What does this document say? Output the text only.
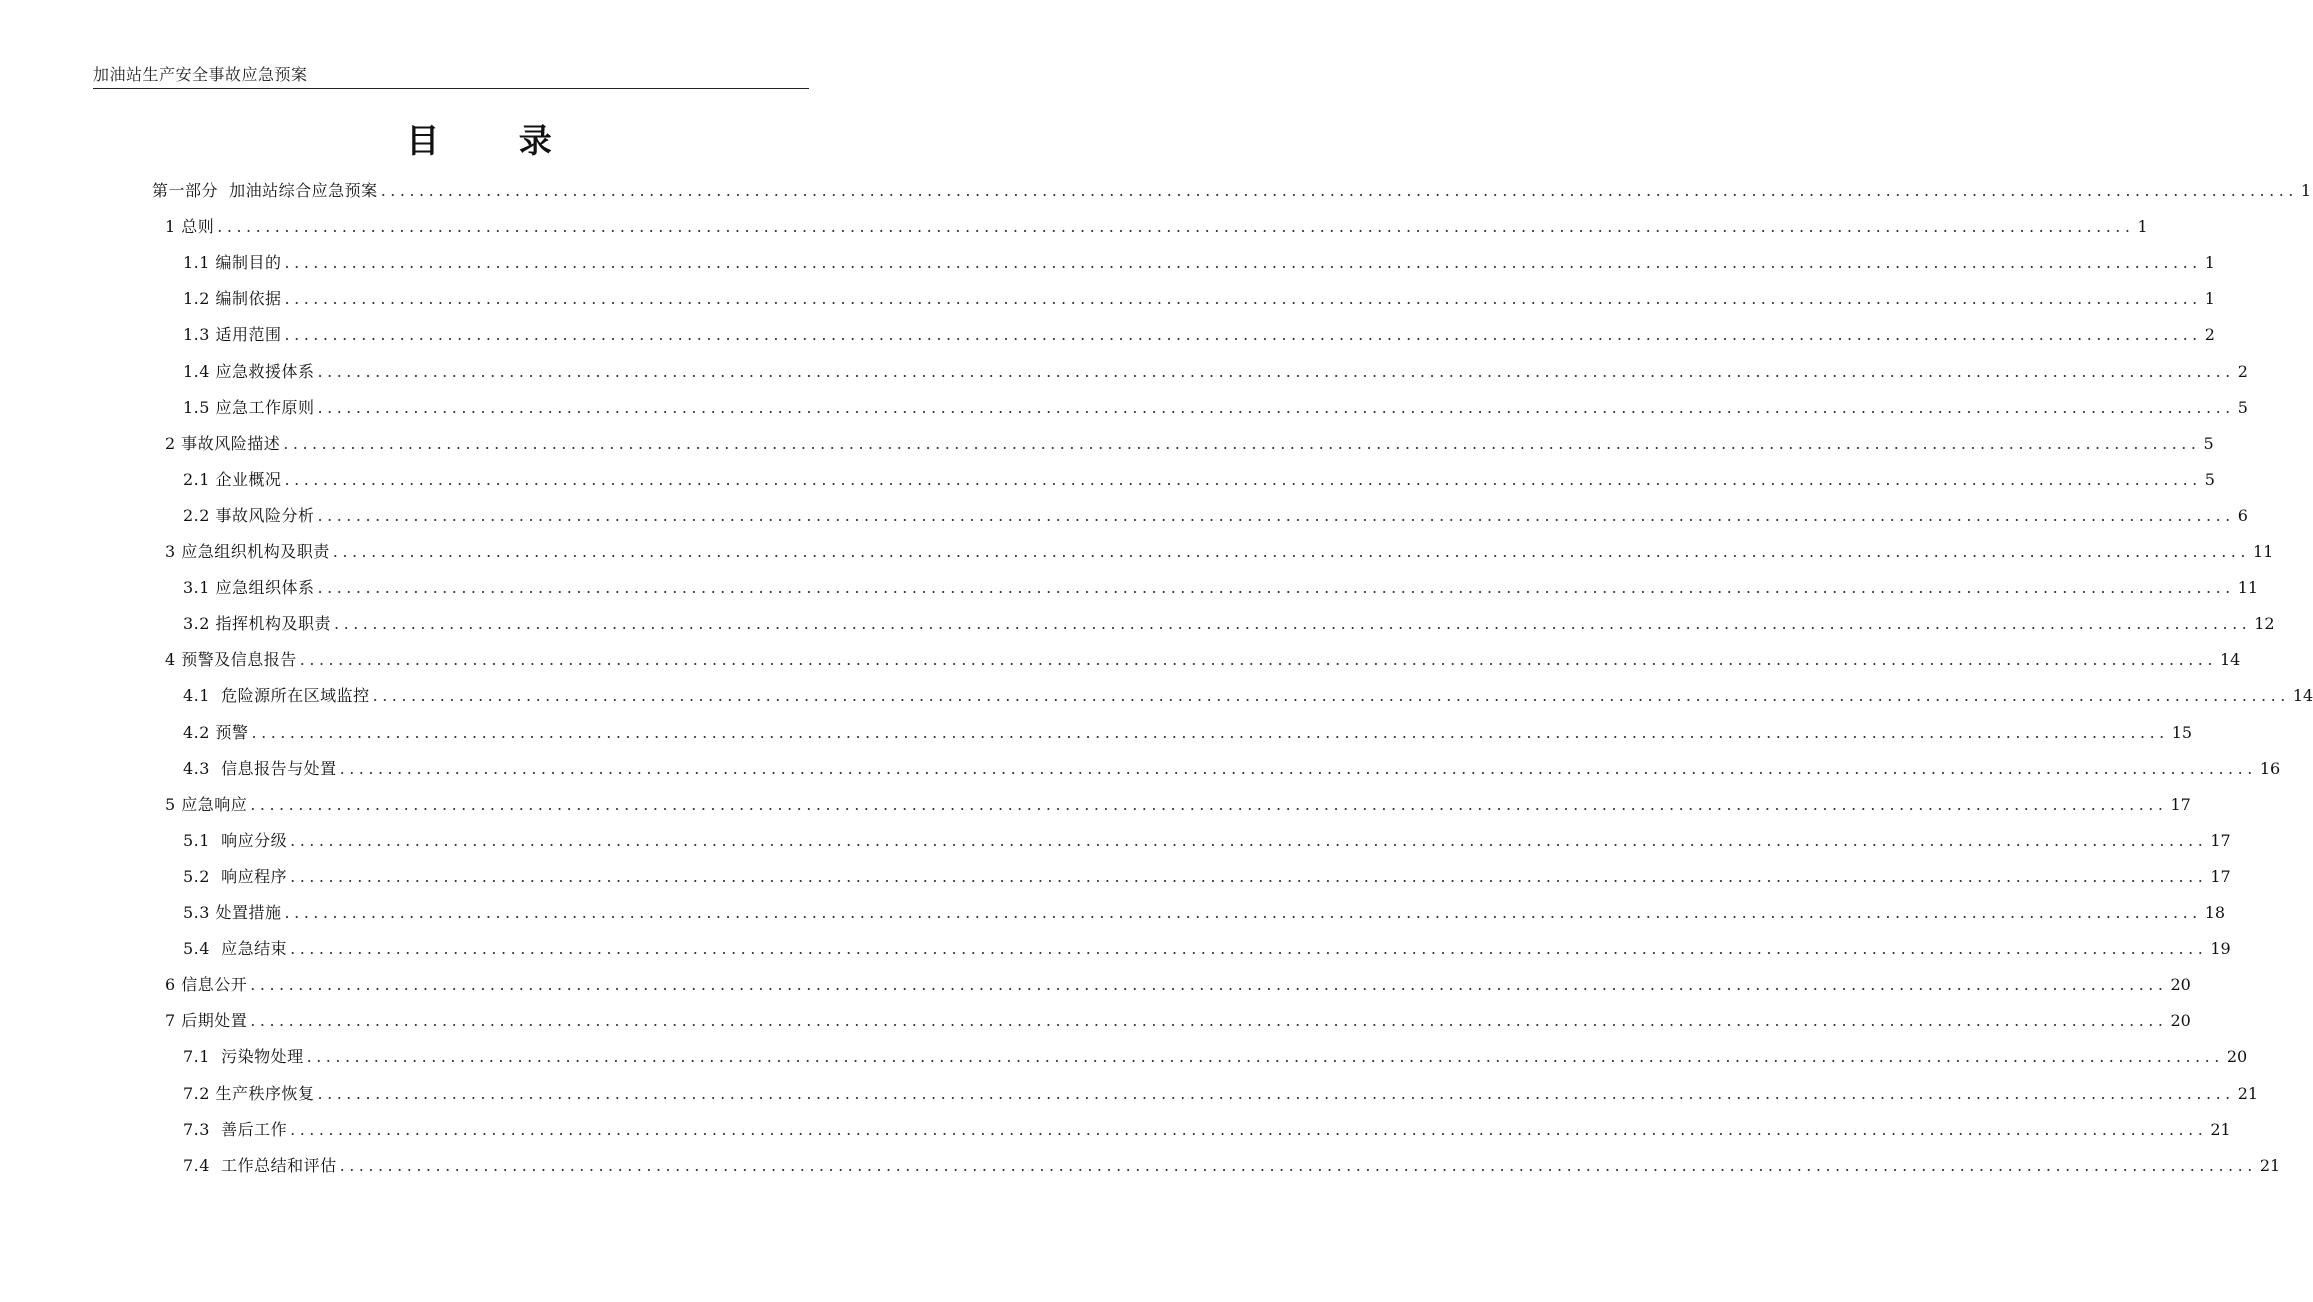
加油站生产安全事故应急预案
目 录
第一部分  加油站综合应急预案 ........................................................................................................................................................................................................ 1
1 总则 ........................................................................................................................................................................................................ 1
1.1 编制目的 ........................................................................................................................................................................................................ 1
1.2 编制依据 ........................................................................................................................................................................................................ 1
1.3 适用范围 ........................................................................................................................................................................................................ 2
1.4 应急救援体系 ........................................................................................................................................................................................................ 2
1.5 应急工作原则 ........................................................................................................................................................................................................ 5
2 事故风险描述 ........................................................................................................................................................................................................ 5
2.1 企业概况 ........................................................................................................................................................................................................ 5
2.2 事故风险分析 ........................................................................................................................................................................................................ 6
3 应急组织机构及职责 ........................................................................................................................................................................................................ 11
3.1 应急组织体系 ........................................................................................................................................................................................................ 11
3.2 指挥机构及职责 ........................................................................................................................................................................................................ 12
4 预警及信息报告 ........................................................................................................................................................................................................ 14
4.1  危险源所在区域监控 ........................................................................................................................................................................................................ 14
4.2 预警 ........................................................................................................................................................................................................ 15
4.3  信息报告与处置 ........................................................................................................................................................................................................ 16
5 应急响应 ........................................................................................................................................................................................................ 17
5.1  响应分级 ........................................................................................................................................................................................................ 17
5.2  响应程序 ........................................................................................................................................................................................................ 17
5.3 处置措施 ........................................................................................................................................................................................................ 18
5.4  应急结束 ........................................................................................................................................................................................................ 19
6 信息公开 ........................................................................................................................................................................................................ 20
7 后期处置 ........................................................................................................................................................................................................ 20
7.1  污染物处理 ........................................................................................................................................................................................................ 20
7.2 生产秩序恢复 ........................................................................................................................................................................................................ 21
7.3  善后工作 ........................................................................................................................................................................................................ 21
7.4  工作总结和评估 ........................................................................................................................................................................................................ 21
